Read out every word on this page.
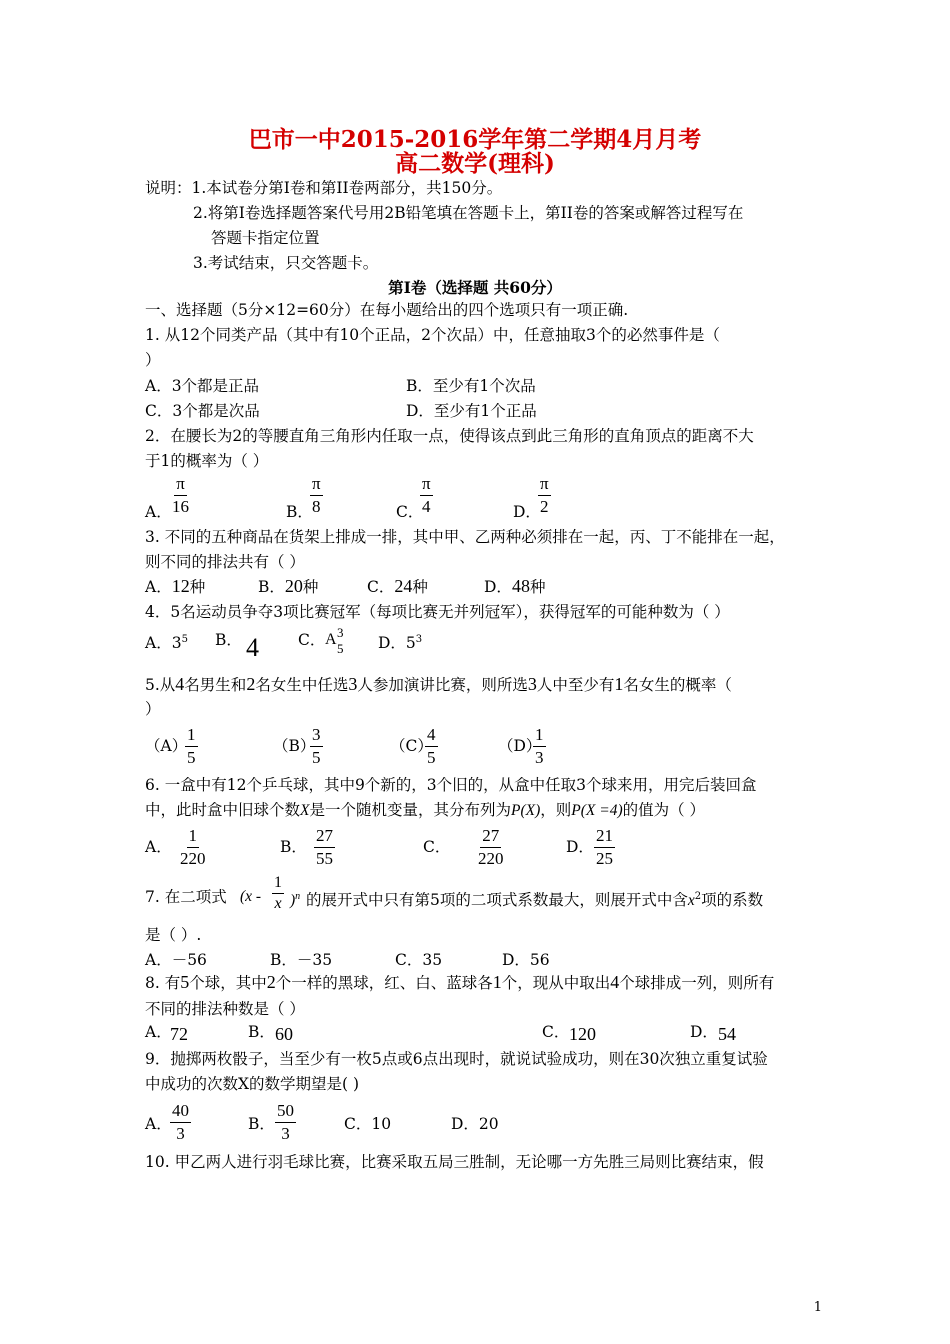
巴市一中2015-2016学年第二学期4月月考
高二数学(理科)
说明：1.本试卷分第Ⅰ卷和第II卷两部分，共150分。
2.将第Ⅰ卷选择题答案代号用2B铅笔填在答题卡上，第II卷的答案或解答过程写在
答题卡指定位置
3.考试结束，只交答题卡。
第Ⅰ卷（选择题 共60分）
一、选择题（5分×12=60分）在每小题给出的四个选项只有一项正确.
1. 从12个同类产品（其中有10个正品，2个次品）中，任意抽取3个的必然事件是（
）
A．3个都是正品	B．至少有1个次品
C．3个都是次品	D．至少有1个正品
2．在腰长为2的等腰直角三角形内任取一点，使得该点到此三角形的直角顶点的距离不大
于1的概率为（ ）
A．
$\frac{\pi}{16}$	B．
$\frac{\pi}{8}$	C．
$\frac{\pi}{4}$	D．
$\frac{\pi}{2}$
3. 不同的五种商品在货架上排成一排，其中甲、乙两种必须排在一起，丙、丁不能排在一起，
则不同的排法共有（ ）
A．12种	B．20种	C．24种	D．48种
4．5名运动员争夺3项比赛冠军（每项比赛无并列冠军），获得冠军的可能种数为（ ）
A．$3^5$ B． 4	C． A 3
5 D．$5^3$
5.从4名男生和2名女生中任选3人参加演讲比赛，则所选3人中至少有1名女生的概率（
）
（A）
$\frac{1}{5}$	（B）
$\frac{3}{5}$	（C）
$\frac{4}{5}$	（D）
$\frac{1}{3}$
6. 一盒中有12个乒乓球，其中9个新的，3个旧的，从盒中任取3个球来用，用完后装回盒
中，此时盒中旧球个数X是一个随机变量，其分布列为P(X)，则P(X =4)的值为（ ）
A． $\frac{1}{220}$	B． $\frac{27}{55}$	C． $\frac{27}{220}$	D． $\frac{21}{25}$
7. 在二项式 $(x - \frac{1}{x} )^n$ 的展开式中只有第5项的二项式系数最大，则展开式中含$x^2$项的系数
是（ ）.
A．－56	B．－35	C．35	D．56
8. 有5个球，其中2个一样的黑球，红、白、蓝球各1个，现从中取出4个球排成一列，则所有
不同的排法种数是（ ）
A．
72	B． 60	C． 120	D． 54
9．抛掷两枚骰子，当至少有一枚5点或6点出现时，就说试验成功，则在30次独立重复试验
中成功的次数X的数学期望是( )
A．
$\frac{40}{3}$	B． $\frac{50}{3}$	C．10	D．20
10. 甲乙两人进行羽毛球比赛，比赛采取五局三胜制，无论哪一方先胜三局则比赛结束，假
1
